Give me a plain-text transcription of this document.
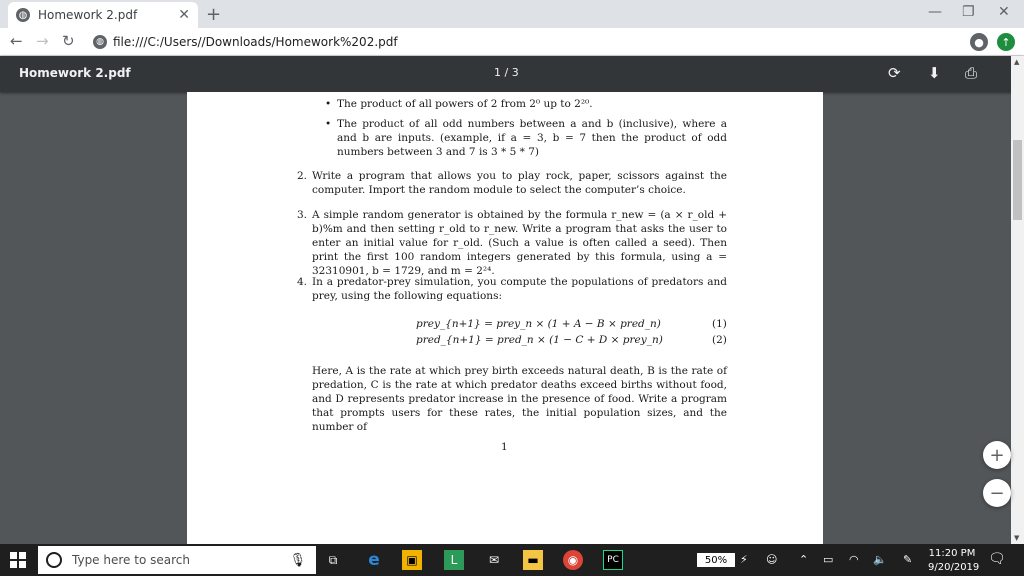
◍ Homework 2.pdf	✕ +	— ❐ ✕
← → ↻	◍ file:///C:/Users//Downloads/Homework%202.pdf	●	↑
Homework 2.pdf	1 / 3	⟳ ⬇ ⎙
• The product of all powers of 2 from 2⁰ up to 2²⁰.
• The product of all odd numbers between a and b (inclusive), where a and b are inputs. (example, if a = 3, b = 7 then the product of odd numbers between 3 and 7 is 3 * 5 * 7)
2. Write a program that allows you to play rock, paper, scissors against the computer. Import the random module to select the computer’s choice.
3. A simple random generator is obtained by the formula r_new = (a × r_old + b)%m and then setting r_old to r_new. Write a program that asks the user to enter an initial value for r_old. (Such a value is often called a seed). Then print the first 100 random integers generated by this formula, using a = 32310901, b = 1729, and m = 2²⁴.
4. In a predator-prey simulation, you compute the populations of predators and prey, using the following equations:
prey_{n+1} = prey_n × (1 + A − B × pred_n)	(1)
pred_{n+1} = pred_n × (1 − C + D × prey_n)	(2)
Here, A is the rate at which prey birth exceeds natural death, B is the rate of predation, C is the rate at which predator deaths exceed births without food, and D represents predator increase in the presence of food. Write a program that prompts users for these rates, the initial population sizes, and the number of
1
▲
▼
+
−
Type here to search	🎙	⧉	e	▣	L	✉	▬	◉	PC	50%	⚡ ☺ ⌃ ▭ ◠ 🔈 ✎ 11:20 PM
9/20/2019
🗨
